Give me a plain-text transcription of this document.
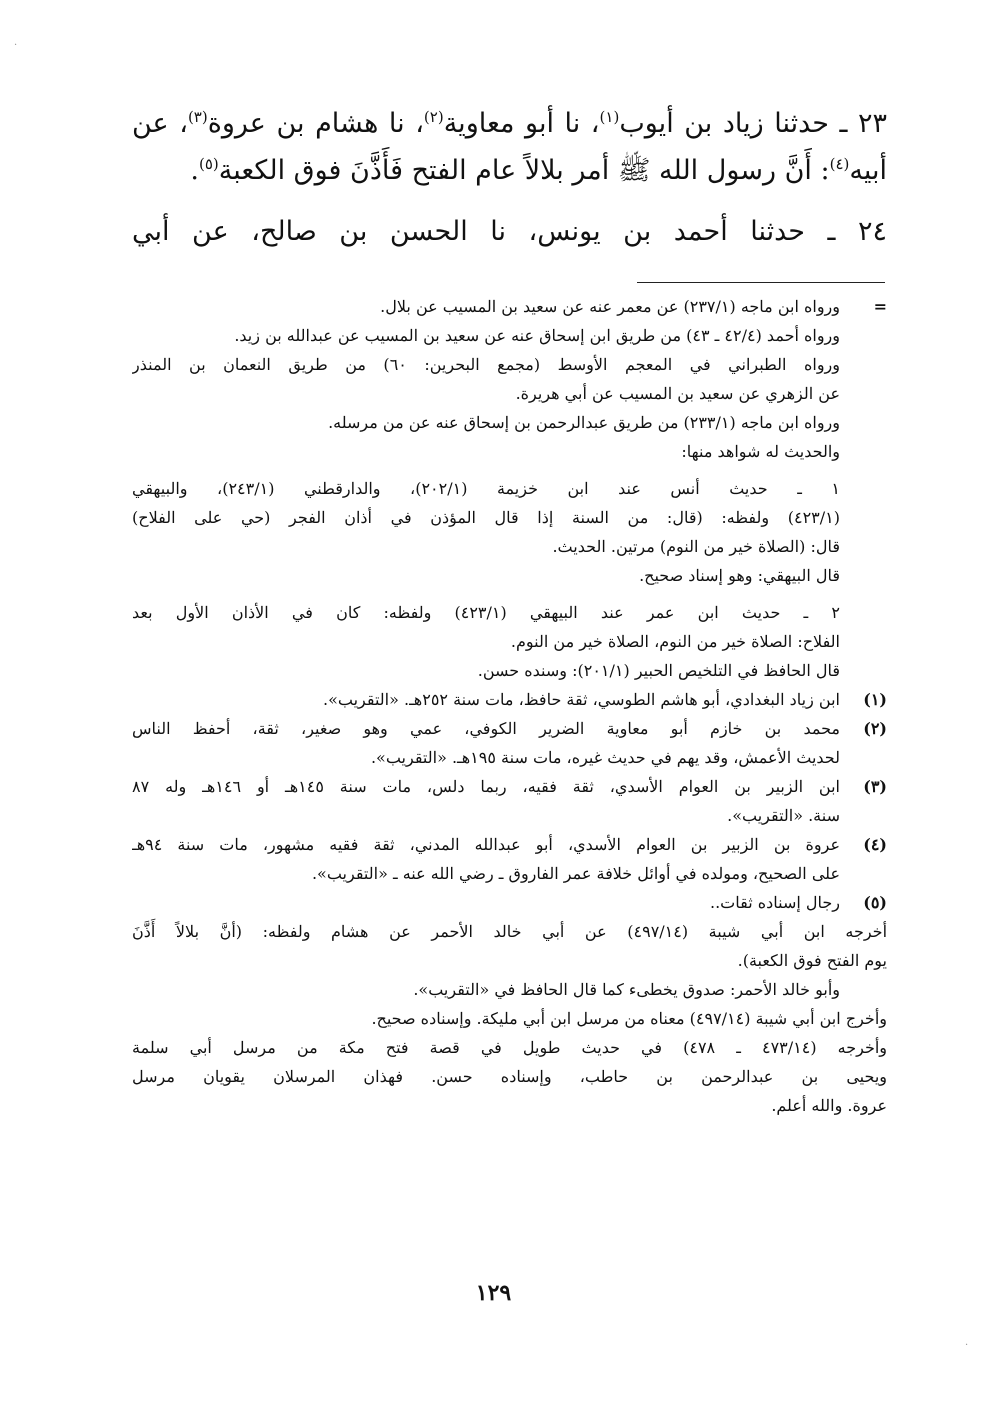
·
·

٢٣ ـ حدثنا زياد بن أيوب$^{(١)}$، نا أبو معاوية$^{(٢)}$، نا هشام بن عروة$^{(٣)}$، عن أبيه$^{(٤)}$: أَنَّ رسول الله ﷺ أمر بلالاً عام الفتح فَأَذَّنَ فوق الكعبة$^{(٥)}$.

٢٤ ـ حدثنا أحمد بن يونس، نا الحسن بن صالح، عن أبي

=

ورواه ابن ماجه (٢٣٧/١) عن معمر عنه عن سعيد بن المسيب عن بلال.

ورواه أحمد (٤٢/٤ ـ ٤٣) من طريق ابن إسحاق عنه عن سعيد بن المسيب عن عبدالله بن زيد.

ورواه الطبراني في المعجم الأوسط (مجمع البحرين: ٦٠) من طريق النعمان بن المنذر

عن الزهري عن سعيد بن المسيب عن أبي هريرة.

ورواه ابن ماجه (٢٣٣/١) من طريق عبدالرحمن بن إسحاق عنه عن من مرسله.

والحديث له شواهد منها:

١ ـ حديث أنس عند ابن خزيمة (٢٠٢/١)، والدارقطني (٢٤٣/١)، والبيهقي

(٤٢٣/١) ولفظه: (قال: من السنة إذا قال المؤذن في أذان الفجر (حي على الفلاح)

قال: (الصلاة خير من النوم) مرتين. الحديث.

قال البيهقي: وهو إسناد صحيح.

٢ ـ حديث ابن عمر عند البيهقي (٤٢٣/١) ولفظه: كان في الأذان الأول بعد

الفلاح: الصلاة خير من النوم، الصلاة خير من النوم.

قال الحافظ في التلخيص الحبير (٢٠١/١): وسنده حسن.

(١)

ابن زياد البغدادي، أبو هاشم الطوسي، ثقة حافظ، مات سنة ٢٥٢هـ. «التقريب».

(٢)

محمد بن خازم أبو معاوية الضرير الكوفي، عمي وهو صغير، ثقة، أحفظ الناس

لحديث الأعمش، وقد يهم في حديث غيره، مات سنة ١٩٥هـ. «التقريب».

(٣)

ابن الزبير بن العوام الأسدي، ثقة فقيه، ربما دلس، مات سنة ١٤٥هـ أو ١٤٦هـ وله ٨٧

سنة. «التقريب».

(٤)

عروة بن الزبير بن العوام الأسدي، أبو عبدالله المدني، ثقة فقيه مشهور، مات سنة ٩٤هـ

على الصحيح، ومولده في أوائل خلافة عمر الفاروق ـ رضي الله عنه ـ «التقريب».

(٥)

رجال إسناده ثقات..

أخرجه ابن أبي شيبة (٤٩٧/١٤) عن أبي خالد الأحمر عن هشام ولفظه: (أنَّ بلالاً أَذَّنَ

يوم الفتح فوق الكعبة).

وأبو خالد الأحمر: صدوق يخطىء كما قال الحافظ في «التقريب».

وأخرج ابن أبي شيبة (٤٩٧/١٤) معناه من مرسل ابن أبي مليكة. وإسناده صحيح.

وأخرجه (٤٧٣/١٤ ـ ٤٧٨) في حديث طويل في قصة فتح مكة من مرسل أبي سلمة

ويحيى بن عبدالرحمن بن حاطب، وإسناده حسن. فهذان المرسلان يقويان مرسل

عروة. والله أعلم.

١٢٩
